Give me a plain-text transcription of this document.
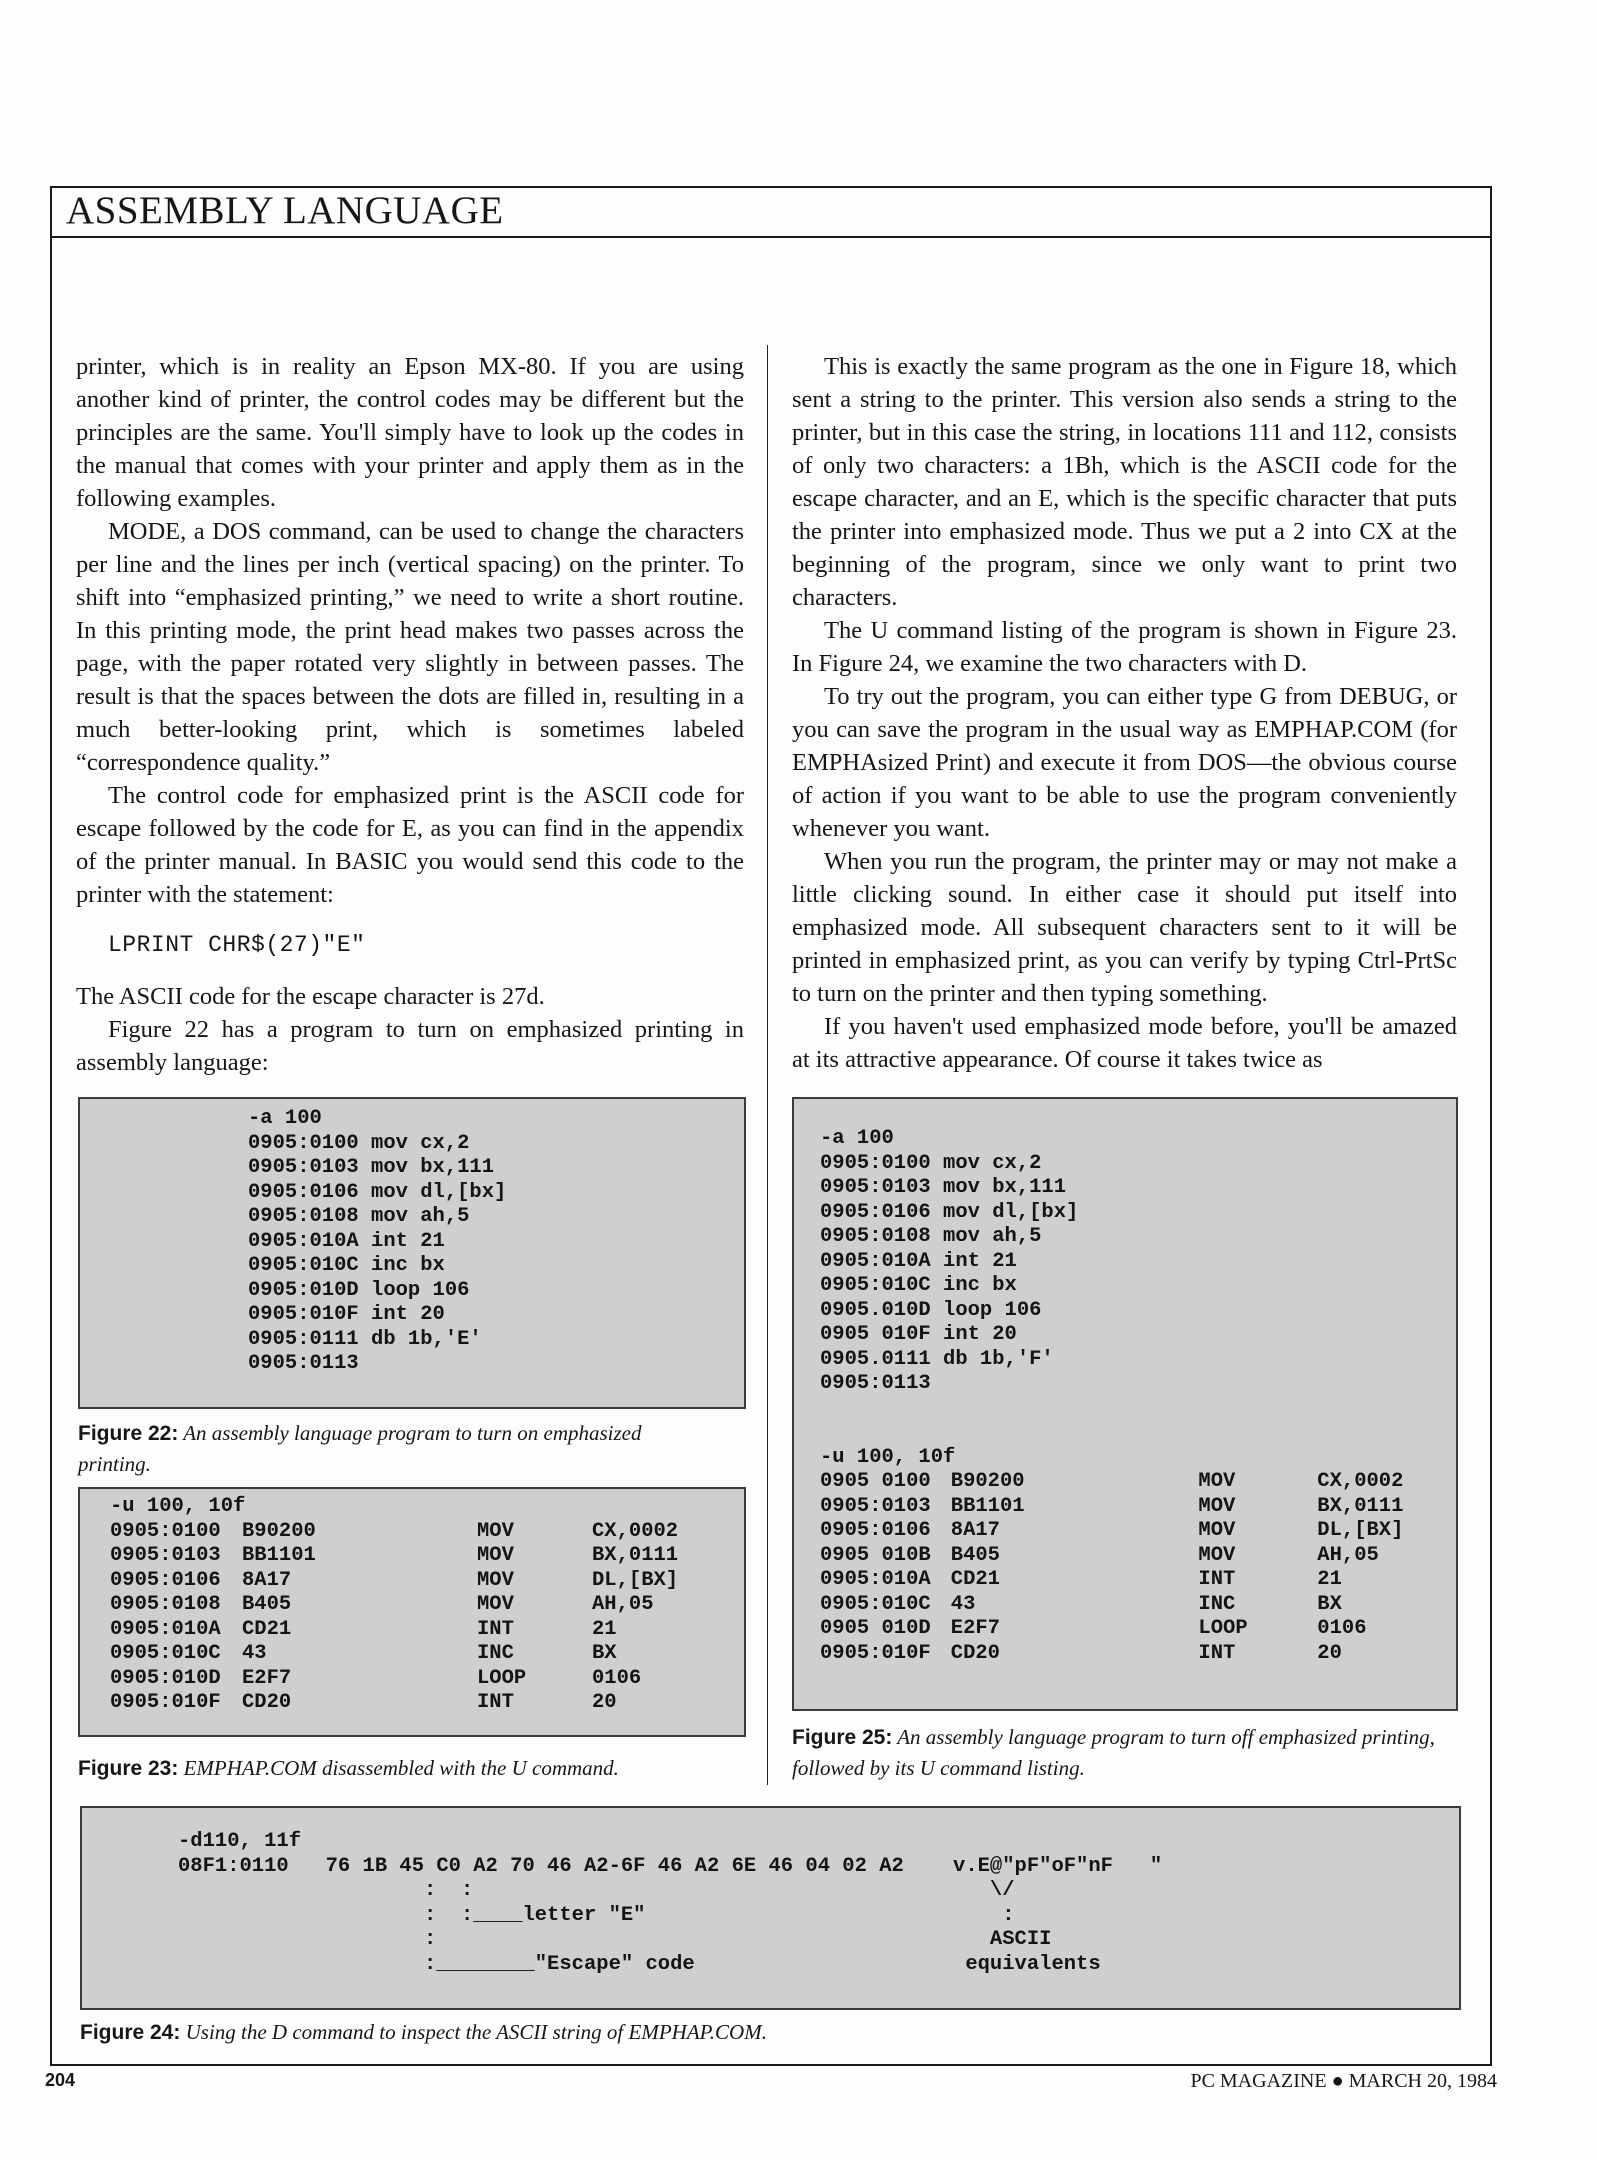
ASSEMBLY LANGUAGE

printer, which is in reality an Epson MX-80. If you are using another kind of printer, the control codes may be different but the principles are the same. You'll simply have to look up the codes in the manual that comes with your printer and apply them as in the following examples.

MODE, a DOS command, can be used to change the characters per line and the lines per inch (vertical spacing) on the printer. To shift into “emphasized printing,” we need to write a short routine. In this printing mode, the print head makes two passes across the page, with the paper rotated very slightly in between passes. The result is that the spaces between the dots are filled in, resulting in a much better-looking print, which is sometimes labeled “correspondence quality.”

The control code for emphasized print is the ASCII code for escape followed by the code for E, as you can find in the appendix of the printer manual. In BASIC you would send this code to the printer with the statement:

LPRINT CHR$(27)"E"

The ASCII code for the escape character is 27d.

Figure 22 has a program to turn on emphasized printing in assembly language:

This is exactly the same program as the one in Figure 18, which sent a string to the printer. This version also sends a string to the printer, but in this case the string, in locations 111 and 112, consists of only two characters: a 1Bh, which is the ASCII code for the escape character, and an E, which is the specific character that puts the printer into emphasized mode. Thus we put a 2 into CX at the beginning of the program, since we only want to print two characters.

The U command listing of the program is shown in Figure 23. In Figure 24, we examine the two characters with D.

To try out the program, you can either type G from DEBUG, or you can save the program in the usual way as EMPHAP.COM (for EMPHAsized Print) and execute it from DOS—the obvious course of action if you want to be able to use the program conveniently whenever you want.

When you run the program, the printer may or may not make a little clicking sound. In either case it should put itself into emphasized mode. All subsequent characters sent to it will be printed in emphasized print, as you can verify by typing Ctrl-PrtSc to turn on the printer and then typing something.

If you haven't used emphasized mode before, you'll be amazed at its attractive appearance. Of course it takes twice as

-a 100
0905:0100 mov cx,2
0905:0103 mov bx,111
0905:0106 mov dl,[bx]
0905:0108 mov ah,5
0905:010A int 21
0905:010C inc bx
0905:010D loop 106
0905:010F int 20
0905:0111 db 1b,'E'
0905:0113
Figure 22: An assembly language program to turn on emphasized printing.
-u 100, 10f
0905:0100	B90200	MOV	CX,0002
0905:0103	BB1101	MOV	BX,0111
0905:0106	8A17	MOV	DL,[BX]
0905:0108	B405	MOV	AH,05
0905:010A	CD21	INT	21
0905:010C	43	INC	BX
0905:010D	E2F7	LOOP	0106
0905:010F	CD20	INT	20
Figure 23: EMPHAP.COM disassembled with the U command.
-a 100
0905:0100 mov cx,2
0905:0103 mov bx,111
0905:0106 mov dl,[bx]
0905:0108 mov ah,5
0905:010A int 21
0905:010C inc bx
0905.010D loop 106
0905 010F int 20
0905.0111 db 1b,'F'
0905:0113
-u 100, 10f
0905 0100 B90200	MOV	CX,0002
0905:0103 BB1101	MOV	BX,0111
0905:0106 8A17	MOV	DL,[BX]
0905 010B B405	MOV	AH,05
0905:010A CD21	INT	21
0905:010C 43	INC	BX
0905 010D E2F7	LOOP	0106
0905:010F CD20	INT	20
Figure 25: An assembly language program to turn off emphasized printing, followed by its U command listing.
-d110, 11f
08F1:0110   76 1B 45 C0 A2 70 46 A2-6F 46 A2 6E 46 04 02 A2    v.E@"pF"oF"nF   "
:  :                                          \/
:  :____letter "E"                             :
:                                             ASCII
:________"Escape" code                      equivalents
Figure 24: Using the D command to inspect the ASCII string of EMPHAP.COM.
204	PC MAGAZINE ● MARCH 20, 1984
